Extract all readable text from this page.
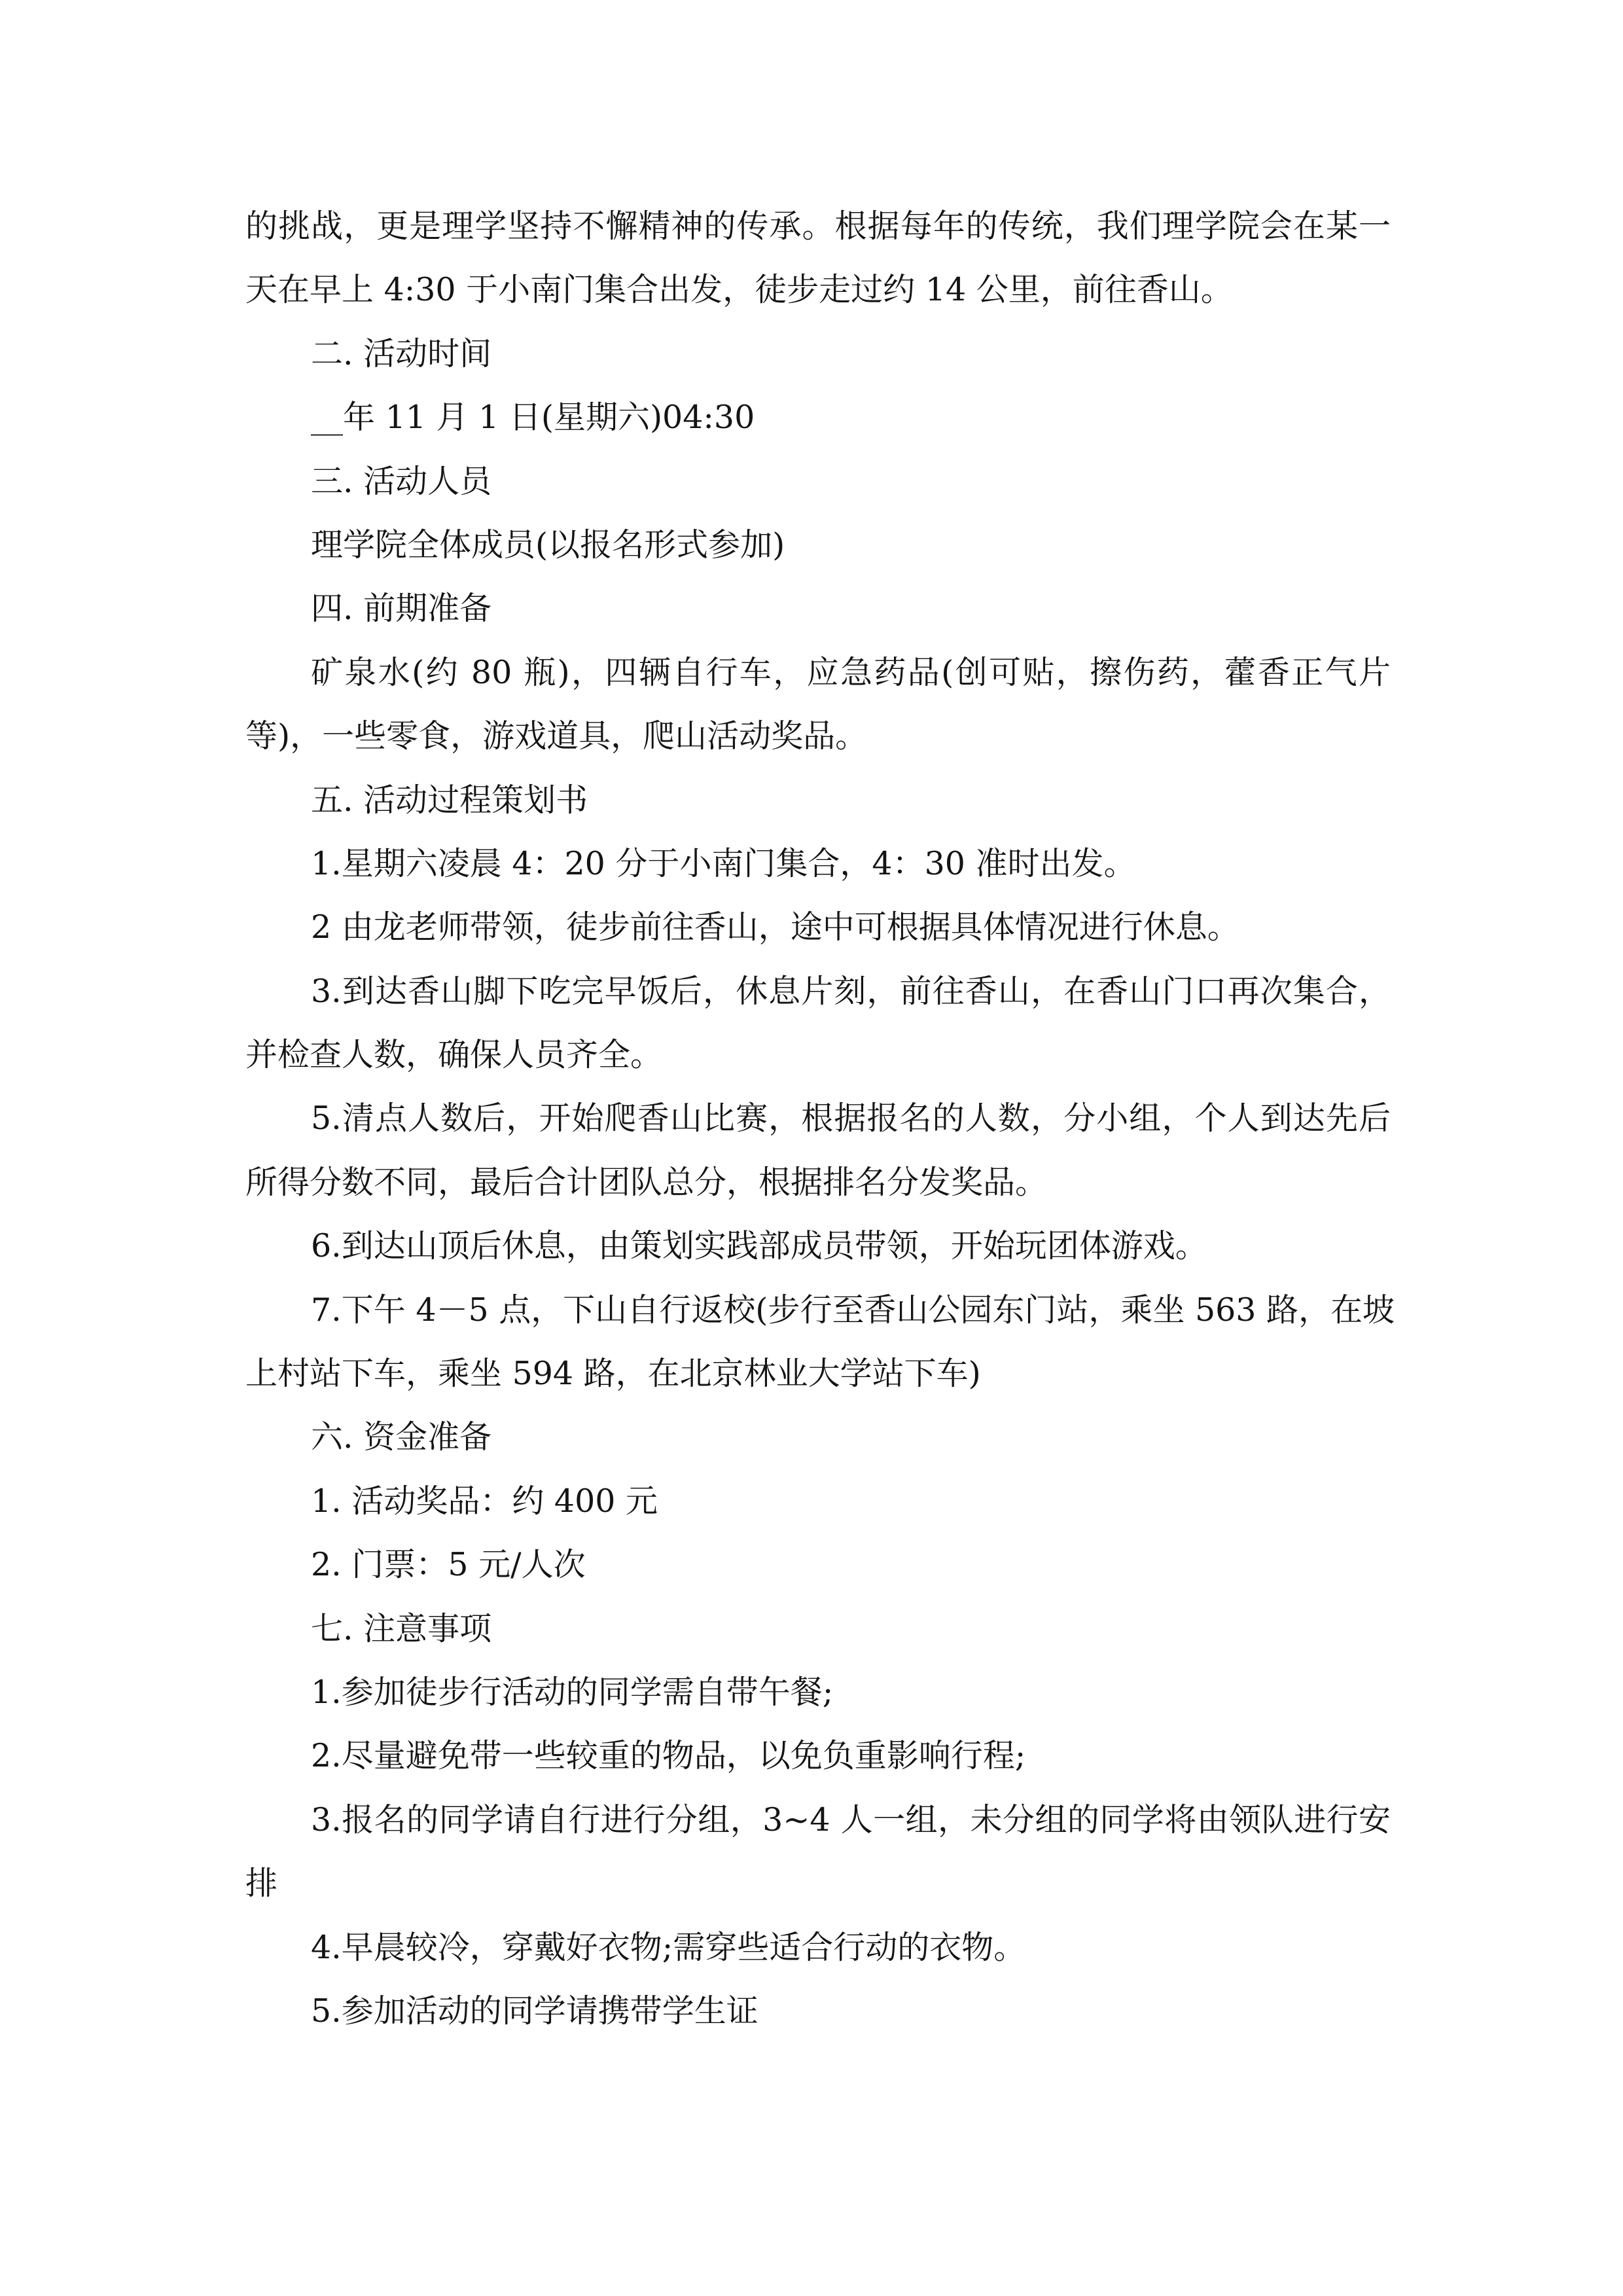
的挑战，更是理学坚持不懈精神的传承。根据每年的传统，我们理学院会在某一
天在早上 4:30 于小南门集合出发，徒步走过约 14 公里，前往香山。
二. 活动时间
__年 11 月 1 日(星期六)04:30
三. 活动人员
理学院全体成员(以报名形式参加)
四. 前期准备
矿泉水(约 80 瓶)，四辆自行车，应急药品(创可贴，擦伤药，藿香正气片
等)，一些零食，游戏道具，爬山活动奖品。
五. 活动过程策划书
1.星期六凌晨 4：20 分于小南门集合，4：30 准时出发。
2 由龙老师带领，徒步前往香山，途中可根据具体情况进行休息。
3.到达香山脚下吃完早饭后，休息片刻，前往香山，在香山门口再次集合，
并检查人数，确保人员齐全。
5.清点人数后，开始爬香山比赛，根据报名的人数，分小组，个人到达先后
所得分数不同，最后合计团队总分，根据排名分发奖品。
6.到达山顶后休息，由策划实践部成员带领，开始玩团体游戏。
7.下午 4－5 点，下山自行返校(步行至香山公园东门站，乘坐 563 路，在坡
上村站下车，乘坐 594 路，在北京林业大学站下车)
六. 资金准备
1. 活动奖品：约 400 元
2. 门票：5 元/人次
七. 注意事项
1.参加徒步行活动的同学需自带午餐;
2.尽量避免带一些较重的物品，以免负重影响行程;
3.报名的同学请自行进行分组，3~4 人一组，未分组的同学将由领队进行安
排
4.早晨较冷，穿戴好衣物;需穿些适合行动的衣物。
5.参加活动的同学请携带学生证
